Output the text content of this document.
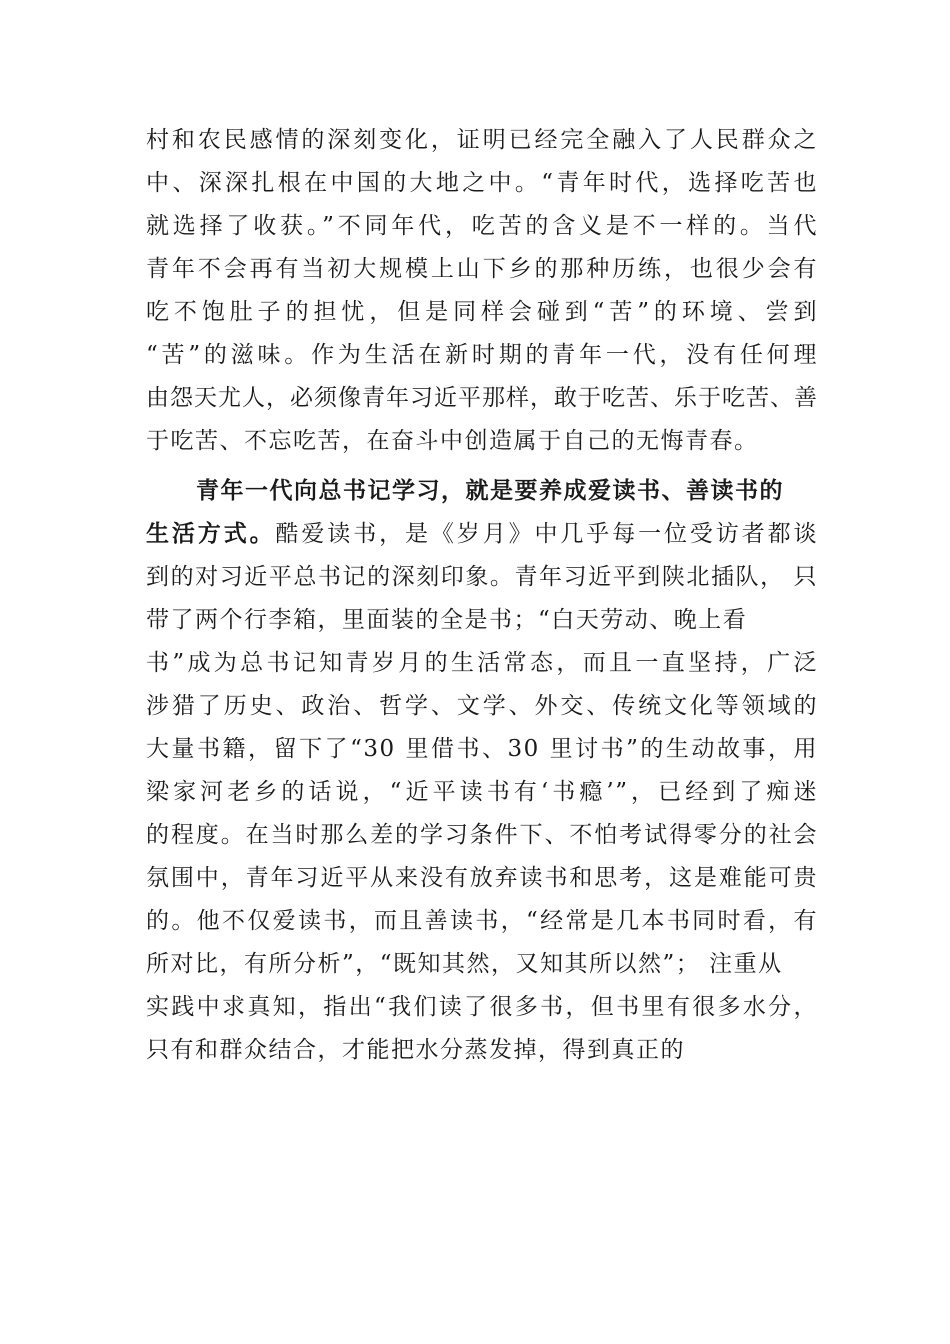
村和农民感情的深刻变化，证明已经完全融入了人民群众之
中、深深扎根在中国的大地之中。“青年时代，选择吃苦也
就选择了收获。”不同年代，吃苦的含义是不一样的。当代
青年不会再有当初大规模上山下乡的那种历练，也很少会有
吃不饱肚子的担忧，但是同样会碰到“苦”的环境、尝到
“苦”的滋味。作为生活在新时期的青年一代，没有任何理
由怨天尤人，必须像青年习近平那样，敢于吃苦、乐于吃苦、善
于吃苦、不忘吃苦，在奋斗中创造属于自己的无悔青春。
青年一代向总书记学习，就是要养成爱读书、善读书的
生活方式。酷爱读书，是《岁月》中几乎每一位受访者都谈
到的对习近平总书记的深刻印象。青年习近平到陕北插队， 只
带了两个行李箱，里面装的全是书；“白天劳动、晚上看
书”成为总书记知青岁月的生活常态，而且一直坚持，广泛
涉猎了历史、政治、哲学、文学、外交、传统文化等领域的
大量书籍，留下了“30 里借书、30 里讨书”的生动故事，用
梁家河老乡的话说，“近平读书有‘书瘾’”，已经到了痴迷
的程度。在当时那么差的学习条件下、不怕考试得零分的社会
氛围中，青年习近平从来没有放弃读书和思考，这是难能可贵
的。他不仅爱读书，而且善读书，“经常是几本书同时看，有
所对比，有所分析”，“既知其然，又知其所以然”； 注重从
实践中求真知，指出“我们读了很多书，但书里有很多水分，
只有和群众结合，才能把水分蒸发掉，得到真正的
